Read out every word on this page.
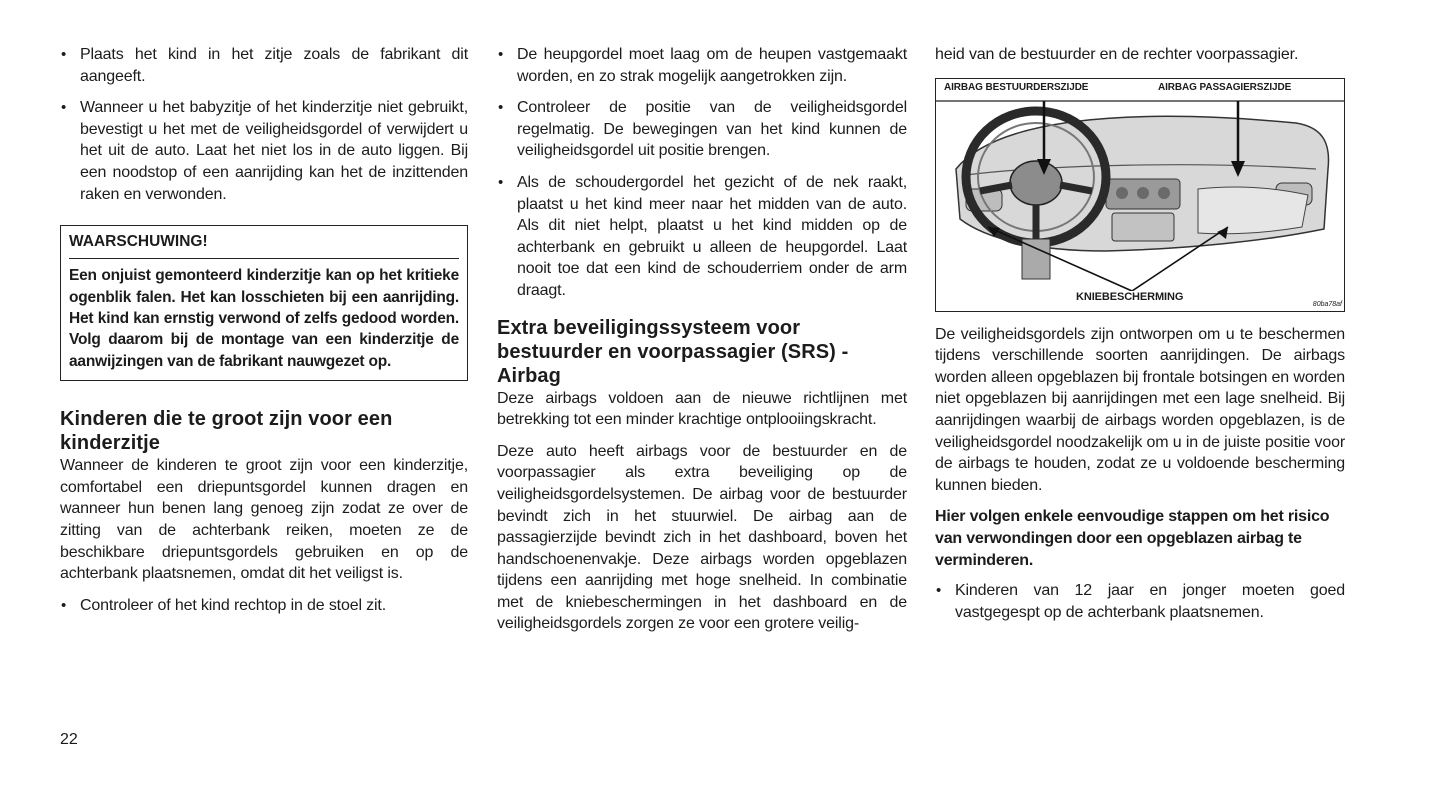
• Plaats het kind in het zitje zoals de fabrikant dit aangeeft.
• Wanneer u het babyzitje of het kinderzitje niet gebruikt, bevestigt u het met de veiligheidsgordel of verwijdert u het uit de auto. Laat het niet los in de auto liggen. Bij een noodstop of een aanrijding kan het de inzittenden raken en verwonden.
WAARSCHUWING!
Een onjuist gemonteerd kinderzitje kan op het kritieke ogenblik falen. Het kan losschieten bij een aanrijding. Het kind kan ernstig verwond of zelfs gedood worden. Volg daarom bij de montage van een kinderzitje de aanwijzingen van de fabrikant nauwgezet op.
Kinderen die te groot zijn voor een kinderzitje

Wanneer de kinderen te groot zijn voor een kinderzitje, comfortabel een driepuntsgordel kunnen dragen en wanneer hun benen lang genoeg zijn zodat ze over de zitting van de achterbank reiken, moeten ze de beschikbare driepuntsgordels gebruiken en op de achterbank plaatsnemen, omdat dit het veiligst is.

• Controleer of het kind rechtop in de stoel zit.
• De heupgordel moet laag om de heupen vastgemaakt worden, en zo strak mogelijk aangetrokken zijn.
• Controleer de positie van de veiligheidsgordel regelmatig. De bewegingen van het kind kunnen de veiligheidsgordel uit positie brengen.
• Als de schoudergordel het gezicht of de nek raakt, plaatst u het kind meer naar het midden van de auto. Als dit niet helpt, plaatst u het kind midden op de achterbank en gebruikt u alleen de heupgordel. Laat nooit toe dat een kind de schouderriem onder de arm draagt.
Extra beveiligingssysteem voor bestuurder en voorpassagier (SRS) - Airbag

Deze airbags voldoen aan de nieuwe richtlijnen met betrekking tot een minder krachtige ontplooiingskracht.

Deze auto heeft airbags voor de bestuurder en de voorpassagier als extra beveiliging op de veiligheidsgordelsystemen. De airbag voor de bestuurder bevindt zich in het stuurwiel. De airbag aan de passagierzijde bevindt zich in het dashboard, boven het handschoenenvakje. Deze airbags worden opgeblazen tijdens een aanrijding met hoge snelheid. In combinatie met de kniebeschermingen in het dashboard en de veiligheidsgordels zorgen ze voor een grotere veilig-

heid van de bestuurder en de rechter voorpassagier.

AIRBAG BESTUURDERSZIJDE	AIRBAG PASSAGIERSZIJDE
KNIEBESCHERMING
80ba78af

De veiligheidsgordels zijn ontworpen om u te beschermen tijdens verschillende soorten aanrijdingen. De airbags worden alleen opgeblazen bij frontale botsingen en worden niet opgeblazen bij aanrijdingen met een lage snelheid. Bij aanrijdingen waarbij de airbags worden opgeblazen, is de veiligheidsgordel noodzakelijk om u in de juiste positie voor de airbags te houden, zodat ze u voldoende bescherming kunnen bieden.

Hier volgen enkele eenvoudige stappen om het risico van verwondingen door een opgeblazen airbag te verminderen.

• Kinderen van 12 jaar en jonger moeten goed vastgegespt op de achterbank plaatsnemen.
22
